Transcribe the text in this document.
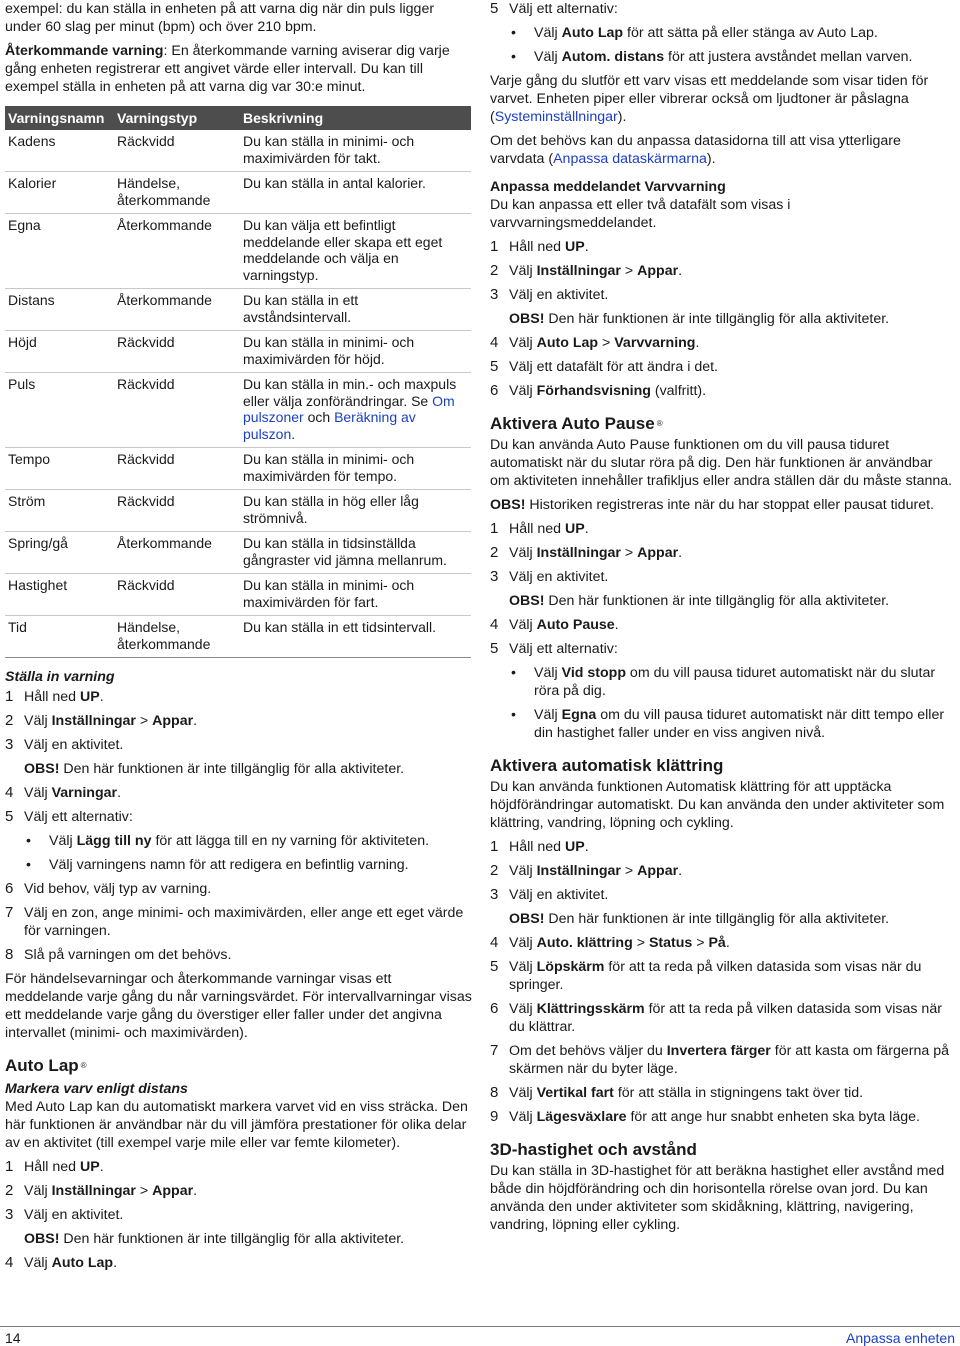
exempel: du kan ställa in enheten på att varna dig när din puls ligger under 60 slag per minut (bpm) och över 210 bpm.

Återkommande varning: En återkommande varning aviserar dig varje gång enheten registrerar ett angivet värde eller intervall. Du kan till exempel ställa in enheten på att varna dig var 30:e minut.

Varningsnamn	Varningstyp	Beskrivning
Kadens	Räckvidd	Du kan ställa in minimi- och maximivärden för takt.
Kalorier	Händelse, återkommande	Du kan ställa in antal kalorier.
Egna	Återkommande	Du kan välja ett befintligt meddelande eller skapa ett eget meddelande och välja en varningstyp.
Distans	Återkommande	Du kan ställa in ett avståndsintervall.
Höjd	Räckvidd	Du kan ställa in minimi- och maximivärden för höjd.
Puls	Räckvidd	Du kan ställa in min.- och maxpuls eller välja zonförändringar. Se Om pulszoner och Beräkning av pulszon.
Tempo	Räckvidd	Du kan ställa in minimi- och maximivärden för tempo.
Ström	Räckvidd	Du kan ställa in hög eller låg strömnivå.
Spring/gå	Återkommande	Du kan ställa in tidsinställda gångraster vid jämna mellanrum.
Hastighet	Räckvidd	Du kan ställa in minimi- och maximivärden för fart.
Tid	Händelse, återkommande	Du kan ställa in ett tidsintervall.
Ställa in varning
1 Håll ned UP.
2 Välj Inställningar > Appar.
3 Välj en aktivitet.
OBS! Den här funktionen är inte tillgänglig för alla aktiviteter.
4 Välj Varningar.
5 Välj ett alternativ:
•	Välj Lägg till ny för att lägga till en ny varning för aktiviteten.
•	Välj varningens namn för att redigera en befintlig varning.
6 Vid behov, välj typ av varning.
7 Välj en zon, ange minimi- och maximivärden, eller ange ett eget värde för varningen.
8 Slå på varningen om det behövs.

För händelsevarningar och återkommande varningar visas ett meddelande varje gång du når varningsvärdet. För intervallvarningar visas ett meddelande varje gång du överstiger eller faller under det angivna intervallet (minimi- och maximivärden).

Auto Lap ®
Markera varv enligt distans

Med Auto Lap kan du automatiskt markera varvet vid en viss sträcka. Den här funktionen är användbar när du vill jämföra prestationer för olika delar av en aktivitet (till exempel varje mile eller var femte kilometer).

1 Håll ned UP.
2 Välj Inställningar > Appar.
3 Välj en aktivitet.
OBS! Den här funktionen är inte tillgänglig för alla aktiviteter.
4 Välj Auto Lap.
5 Välj ett alternativ:
•	Välj Auto Lap för att sätta på eller stänga av Auto Lap.
•	Välj Autom. distans för att justera avståndet mellan varven.

Varje gång du slutför ett varv visas ett meddelande som visar tiden för varvet. Enheten piper eller vibrerar också om ljudtoner är påslagna (Systeminställningar).

Om det behövs kan du anpassa datasidorna till att visa ytterligare varvdata (Anpassa dataskärmarna).

Anpassa meddelandet Varvvarning

Du kan anpassa ett eller två datafält som visas i varvvarningsmeddelandet.

1 Håll ned UP.
2 Välj Inställningar > Appar.
3 Välj en aktivitet.
OBS! Den här funktionen är inte tillgänglig för alla aktiviteter.
4 Välj Auto Lap > Varvvarning.
5 Välj ett datafält för att ändra i det.
6 Välj Förhandsvisning (valfritt).
Aktivera Auto Pause ®

Du kan använda Auto Pause funktionen om du vill pausa tiduret automatiskt när du slutar röra på dig. Den här funktionen är användbar om aktiviteten innehåller trafikljus eller andra ställen där du måste stanna.

OBS! Historiken registreras inte när du har stoppat eller pausat tiduret.

1 Håll ned UP.
2 Välj Inställningar > Appar.
3 Välj en aktivitet.
OBS! Den här funktionen är inte tillgänglig för alla aktiviteter.
4 Välj Auto Pause.
5 Välj ett alternativ:
•	Välj Vid stopp om du vill pausa tiduret automatiskt när du slutar röra på dig.
•	Välj Egna om du vill pausa tiduret automatiskt när ditt tempo eller din hastighet faller under en viss angiven nivå.
Aktivera automatisk klättring

Du kan använda funktionen Automatisk klättring för att upptäcka höjdförändringar automatiskt. Du kan använda den under aktiviteter som klättring, vandring, löpning och cykling.

1 Håll ned UP.
2 Välj Inställningar > Appar.
3 Välj en aktivitet.
OBS! Den här funktionen är inte tillgänglig för alla aktiviteter.
4 Välj Auto. klättring > Status > På.
5 Välj Löpskärm för att ta reda på vilken datasida som visas när du springer.
6 Välj Klättringsskärm för att ta reda på vilken datasida som visas när du klättrar.
7 Om det behövs väljer du Invertera färger för att kasta om färgerna på skärmen när du byter läge.
8 Välj Vertikal fart för att ställa in stigningens takt över tid.
9 Välj Lägesväxlare för att ange hur snabbt enheten ska byta läge.
3D-hastighet och avstånd

Du kan ställa in 3D-hastighet för att beräkna hastighet eller avstånd med både din höjdförändring och din horisontella rörelse ovan jord. Du kan använda den under aktiviteter som skidåkning, klättring, navigering, vandring, löpning eller cykling.

14	Anpassa enheten
